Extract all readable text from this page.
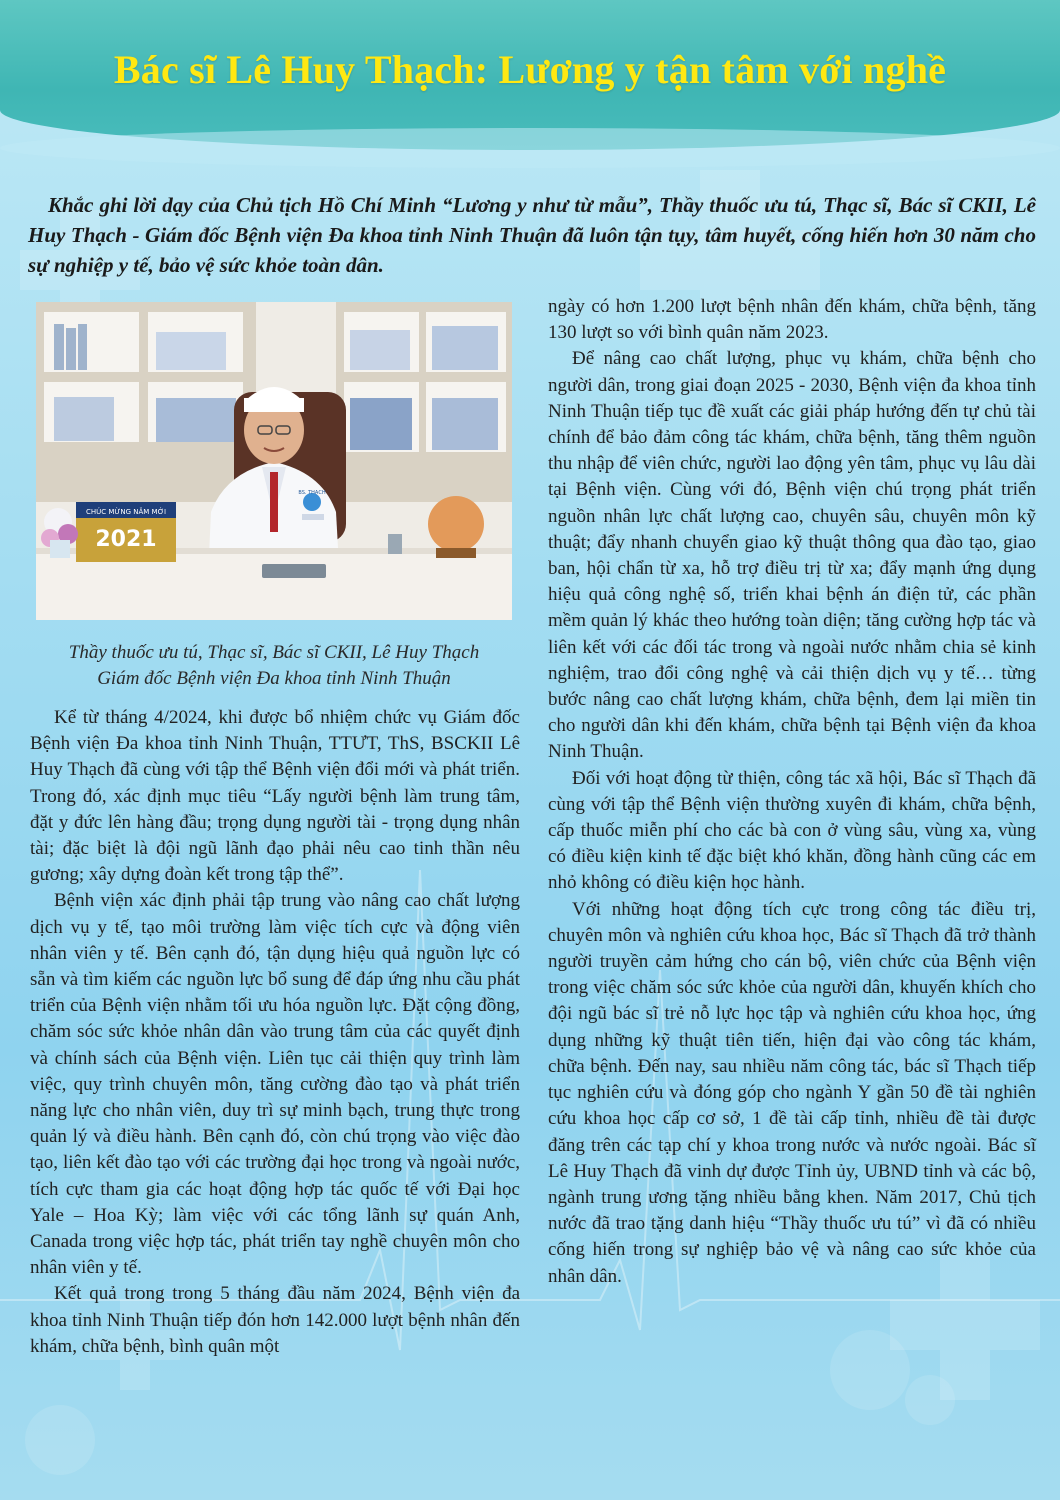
Bác sĩ Lê Huy Thạch: Lương y tận tâm với nghề

Khắc ghi lời dạy của Chủ tịch Hồ Chí Minh “Lương y như từ mẫu”, Thầy thuốc ưu tú, Thạc sĩ, Bác sĩ CKII, Lê Huy Thạch - Giám đốc Bệnh viện Đa khoa tỉnh Ninh Thuận đã luôn tận tụy, tâm huyết, cống hiến hơn 30 năm cho sự nghiệp y tế, bảo vệ sức khỏe toàn dân.

CHÚC MỪNG NĂM MỚI
2021
BS. THẠCH
Thầy thuốc ưu tú, Thạc sĩ, Bác sĩ CKII, Lê Huy Thạch
Giám đốc Bệnh viện Đa khoa tỉnh Ninh Thuận

Kể từ tháng 4/2024, khi được bổ nhiệm chức vụ Giám đốc Bệnh viện Đa khoa tỉnh Ninh Thuận, TTƯT, ThS, BSCKII Lê Huy Thạch đã cùng với tập thể Bệnh viện đổi mới và phát triển. Trong đó, xác định mục tiêu “Lấy người bệnh làm trung tâm, đặt y đức lên hàng đầu; trọng dụng người tài - trọng dụng nhân tài; đặc biệt là đội ngũ lãnh đạo phải nêu cao tinh thần nêu gương; xây dựng đoàn kết trong tập thể”.

Bệnh viện xác định phải tập trung vào nâng cao chất lượng dịch vụ y tế, tạo môi trường làm việc tích cực và động viên nhân viên y tế. Bên cạnh đó, tận dụng hiệu quả nguồn lực có sẵn và tìm kiếm các nguồn lực bổ sung để đáp ứng nhu cầu phát triển của Bệnh viện nhằm tối ưu hóa nguồn lực. Đặt cộng đồng, chăm sóc sức khỏe nhân dân vào trung tâm của các quyết định và chính sách của Bệnh viện. Liên tục cải thiện quy trình làm việc, quy trình chuyên môn, tăng cường đào tạo và phát triển năng lực cho nhân viên, duy trì sự minh bạch, trung thực trong quản lý và điều hành. Bên cạnh đó, còn chú trọng vào việc đào tạo, liên kết đào tạo với các trường đại học trong và ngoài nước, tích cực tham gia các hoạt động hợp tác quốc tế với Đại học Yale – Hoa Kỳ; làm việc với các tổng lãnh sự quán Anh, Canada trong việc hợp tác, phát triển tay nghề chuyên môn cho nhân viên y tế.

Kết quả trong trong 5 tháng đầu năm 2024, Bệnh viện đa khoa tỉnh Ninh Thuận tiếp đón hơn 142.000 lượt bệnh nhân đến khám, chữa bệnh, bình quân một

ngày có hơn 1.200 lượt bệnh nhân đến khám, chữa bệnh, tăng 130 lượt so với bình quân năm 2023.

Để nâng cao chất lượng, phục vụ khám, chữa bệnh cho người dân, trong giai đoạn 2025 - 2030, Bệnh viện đa khoa tỉnh Ninh Thuận tiếp tục đề xuất các giải pháp hướng đến tự chủ tài chính để bảo đảm công tác khám, chữa bệnh, tăng thêm nguồn thu nhập để viên chức, người lao động yên tâm, phục vụ lâu dài tại Bệnh viện. Cùng với đó, Bệnh viện chú trọng phát triển nguồn nhân lực chất lượng cao, chuyên sâu, chuyên môn kỹ thuật; đẩy nhanh chuyển giao kỹ thuật thông qua đào tạo, giao ban, hội chẩn từ xa, hỗ trợ điều trị từ xa; đẩy mạnh ứng dụng hiệu quả công nghệ số, triển khai bệnh án điện tử, các phần mềm quản lý khác theo hướng toàn diện; tăng cường hợp tác và liên kết với các đối tác trong và ngoài nước nhằm chia sẻ kinh nghiệm, trao đổi công nghệ và cải thiện dịch vụ y tế… từng bước nâng cao chất lượng khám, chữa bệnh, đem lại miền tin cho người dân khi đến khám, chữa bệnh tại Bệnh viện đa khoa Ninh Thuận.

Đối với hoạt động từ thiện, công tác xã hội, Bác sĩ Thạch đã cùng với tập thể Bệnh viện thường xuyên đi khám, chữa bệnh, cấp thuốc miễn phí cho các bà con ở vùng sâu, vùng xa, vùng có điều kiện kinh tế đặc biệt khó khăn, đồng hành cũng các em nhỏ không có điều kiện học hành.

Với những hoạt động tích cực trong công tác điều trị, chuyên môn và nghiên cứu khoa học, Bác sĩ Thạch đã trở thành người truyền cảm hứng cho cán bộ, viên chức của Bệnh viện trong việc chăm sóc sức khỏe của người dân, khuyến khích cho đội ngũ bác sĩ trẻ nỗ lực học tập và nghiên cứu khoa học, ứng dụng những kỹ thuật tiên tiến, hiện đại vào công tác khám, chữa bệnh. Đến nay, sau nhiều năm công tác, bác sĩ Thạch tiếp tục nghiên cứu và đóng góp cho ngành Y gần 50 đề tài nghiên cứu khoa học cấp cơ sở, 1 đề tài cấp tỉnh, nhiều đề tài được đăng trên các tạp chí y khoa trong nước và nước ngoài. Bác sĩ Lê Huy Thạch đã vinh dự được Tỉnh ủy, UBND tỉnh và các bộ, ngành trung ương tặng nhiều bằng khen. Năm 2017, Chủ tịch nước đã trao tặng danh hiệu “Thầy thuốc ưu tú” vì đã có nhiều cống hiến trong sự nghiệp bảo vệ và nâng cao sức khỏe của nhân dân.
